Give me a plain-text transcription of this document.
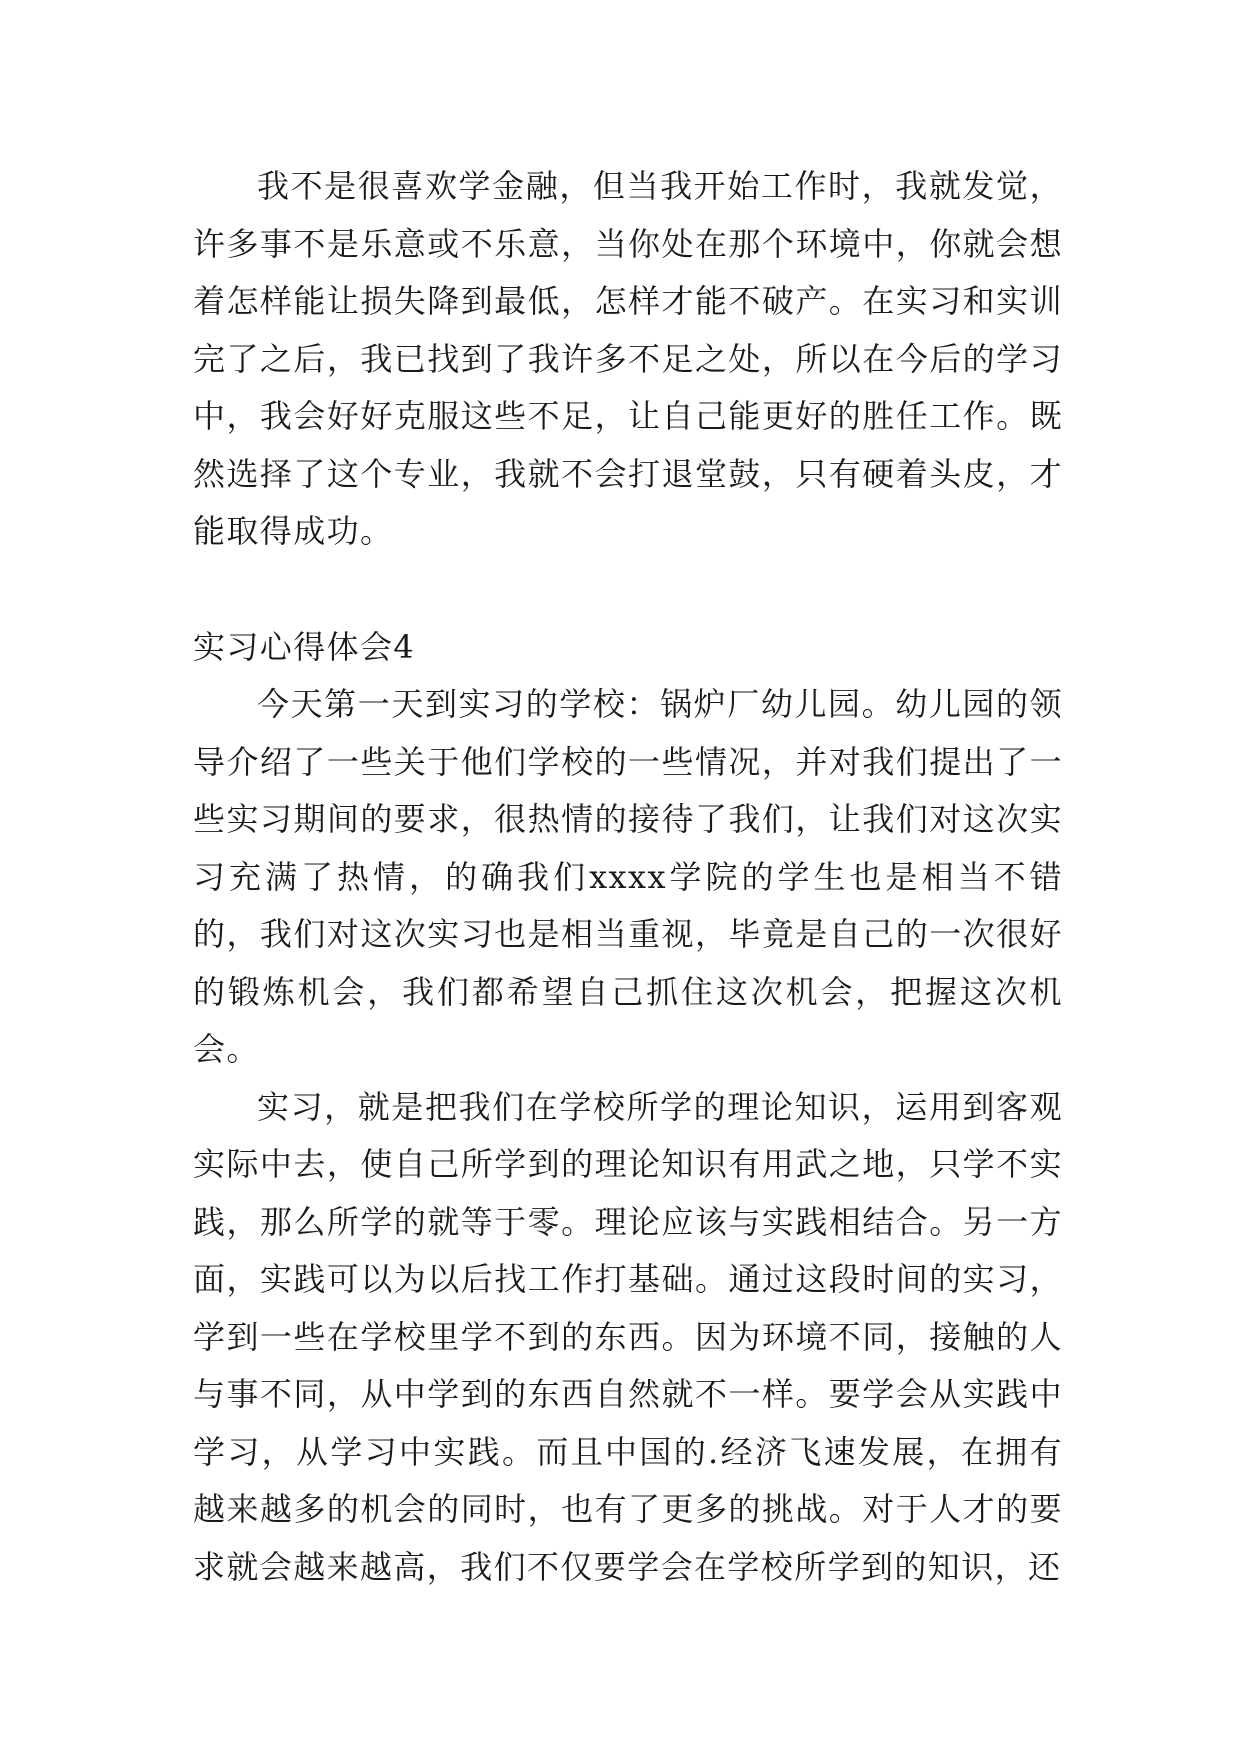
我不是很喜欢学金融，但当我开始工作时，我就发觉，许多事不是乐意或不乐意，当你处在那个环境中，你就会想着怎样能让损失降到最低，怎样才能不破产。在实习和实训完了之后，我已找到了我许多不足之处，所以在今后的学习中，我会好好克服这些不足，让自己能更好的胜任工作。既然选择了这个专业，我就不会打退堂鼓，只有硬着头皮，才能取得成功。

实习心得体会4

今天第一天到实习的学校：锅炉厂幼儿园。幼儿园的领导介绍了一些关于他们学校的一些情况，并对我们提出了一些实习期间的要求，很热情的接待了我们，让我们对这次实习充满了热情，的确我们xxxx学院的学生也是相当不错的，我们对这次实习也是相当重视，毕竟是自己的一次很好的锻炼机会，我们都希望自己抓住这次机会，把握这次机会。

实习，就是把我们在学校所学的理论知识，运用到客观实际中去，使自己所学到的理论知识有用武之地，只学不实践，那么所学的就等于零。理论应该与实践相结合。另一方面，实践可以为以后找工作打基础。通过这段时间的实习，学到一些在学校里学不到的东西。因为环境不同，接触的人与事不同，从中学到的东西自然就不一样。要学会从实践中学习，从学习中实践。而且中国的.经济飞速发展，在拥有越来越多的机会的同时，也有了更多的挑战。对于人才的要求就会越来越高，我们不仅要学会在学校所学到的知识，还
